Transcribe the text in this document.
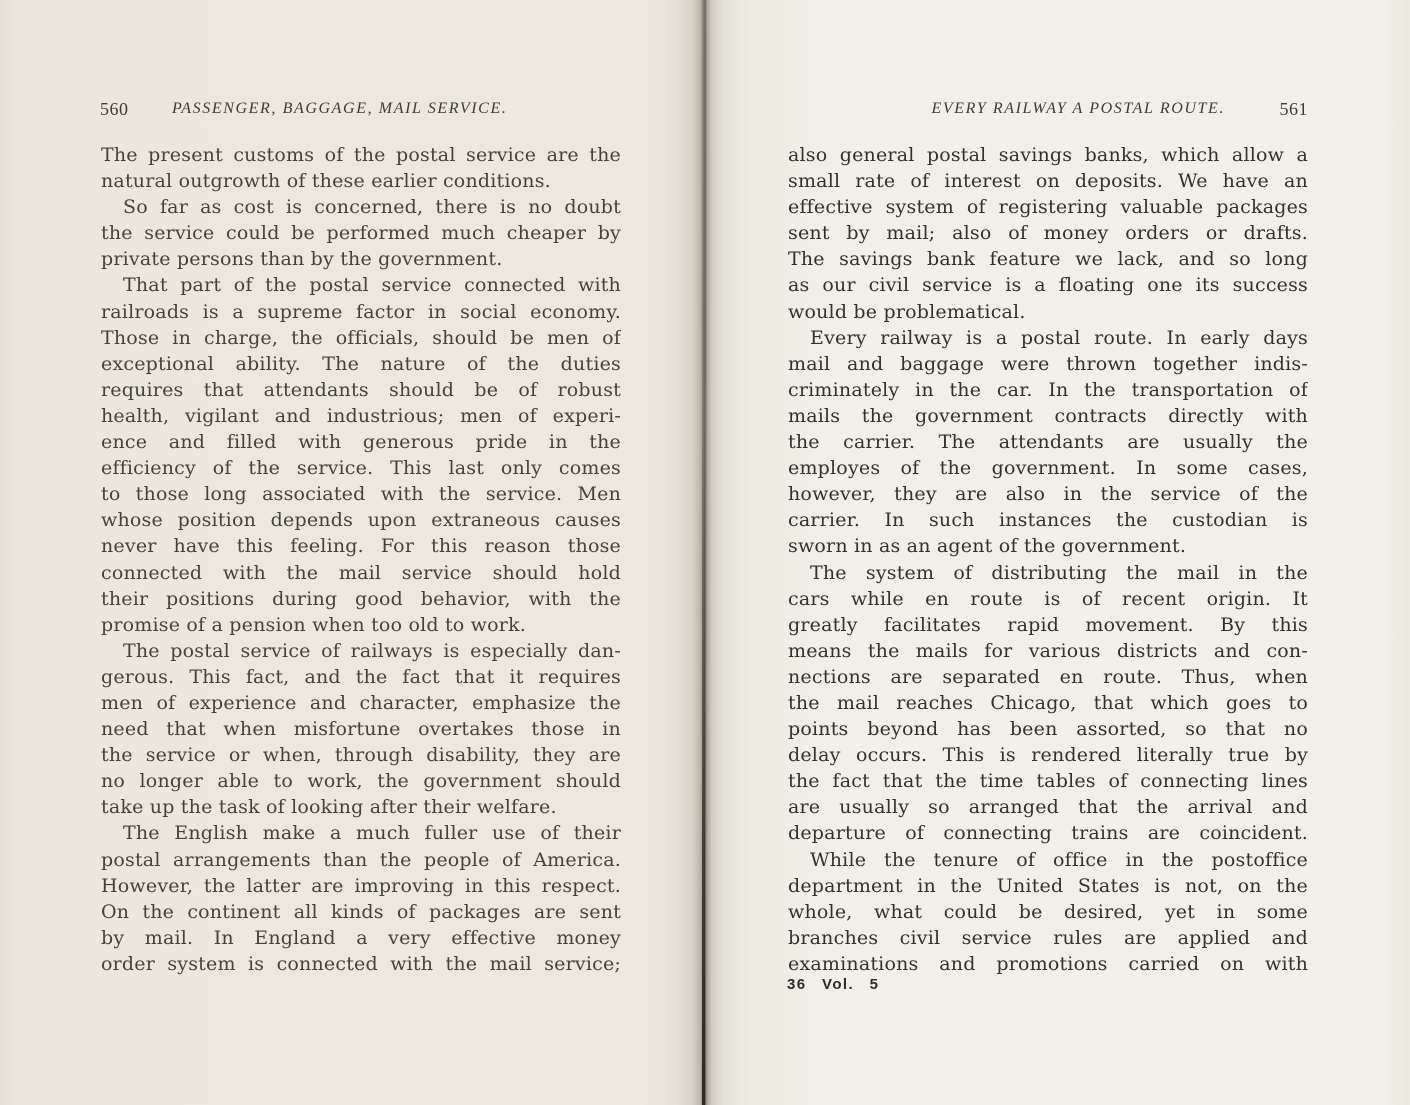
560	PASSENGER, BAGGAGE, MAIL SERVICE.
The present customs of the postal service are the
natural outgrowth of these earlier conditions.
So far as cost is concerned, there is no doubt
the service could be performed much cheaper by
private persons than by the government.
That part of the postal service connected with
railroads is a supreme factor in social economy.
Those in charge, the officials, should be men of
exceptional ability. The nature of the duties
requires that attendants should be of robust
health, vigilant and industrious; men of experi-
ence and filled with generous pride in the
efficiency of the service. This last only comes
to those long associated with the service. Men
whose position depends upon extraneous causes
never have this feeling. For this reason those
connected with the mail service should hold
their positions during good behavior, with the
promise of a pension when too old to work.
The postal service of railways is especially dan-
gerous. This fact, and the fact that it requires
men of experience and character, emphasize the
need that when misfortune overtakes those in
the service or when, through disability, they are
no longer able to work, the government should
take up the task of looking after their welfare.
The English make a much fuller use of their
postal arrangements than the people of America.
However, the latter are improving in this respect.
On the continent all kinds of packages are sent
by mail. In England a very effective money
order system is connected with the mail service;
EVERY RAILWAY A POSTAL ROUTE.	561
also general postal savings banks, which allow a
small rate of interest on deposits. We have an
effective system of registering valuable packages
sent by mail; also of money orders or drafts.
The savings bank feature we lack, and so long
as our civil service is a floating one its success
would be problematical.
Every railway is a postal route. In early days
mail and baggage were thrown together indis-
criminately in the car. In the transportation of
mails the government contracts directly with
the carrier. The attendants are usually the
employes of the government. In some cases,
however, they are also in the service of the
carrier. In such instances the custodian is
sworn in as an agent of the government.
The system of distributing the mail in the
cars while en route is of recent origin. It
greatly facilitates rapid movement. By this
means the mails for various districts and con-
nections are separated en route. Thus, when
the mail reaches Chicago, that which goes to
points beyond has been assorted, so that no
delay occurs. This is rendered literally true by
the fact that the time tables of connecting lines
are usually so arranged that the arrival and
departure of connecting trains are coincident.
While the tenure of office in the postoffice
department in the United States is not, on the
whole, what could be desired, yet in some
branches civil service rules are applied and
examinations and promotions carried on with
36 Vol. 5
